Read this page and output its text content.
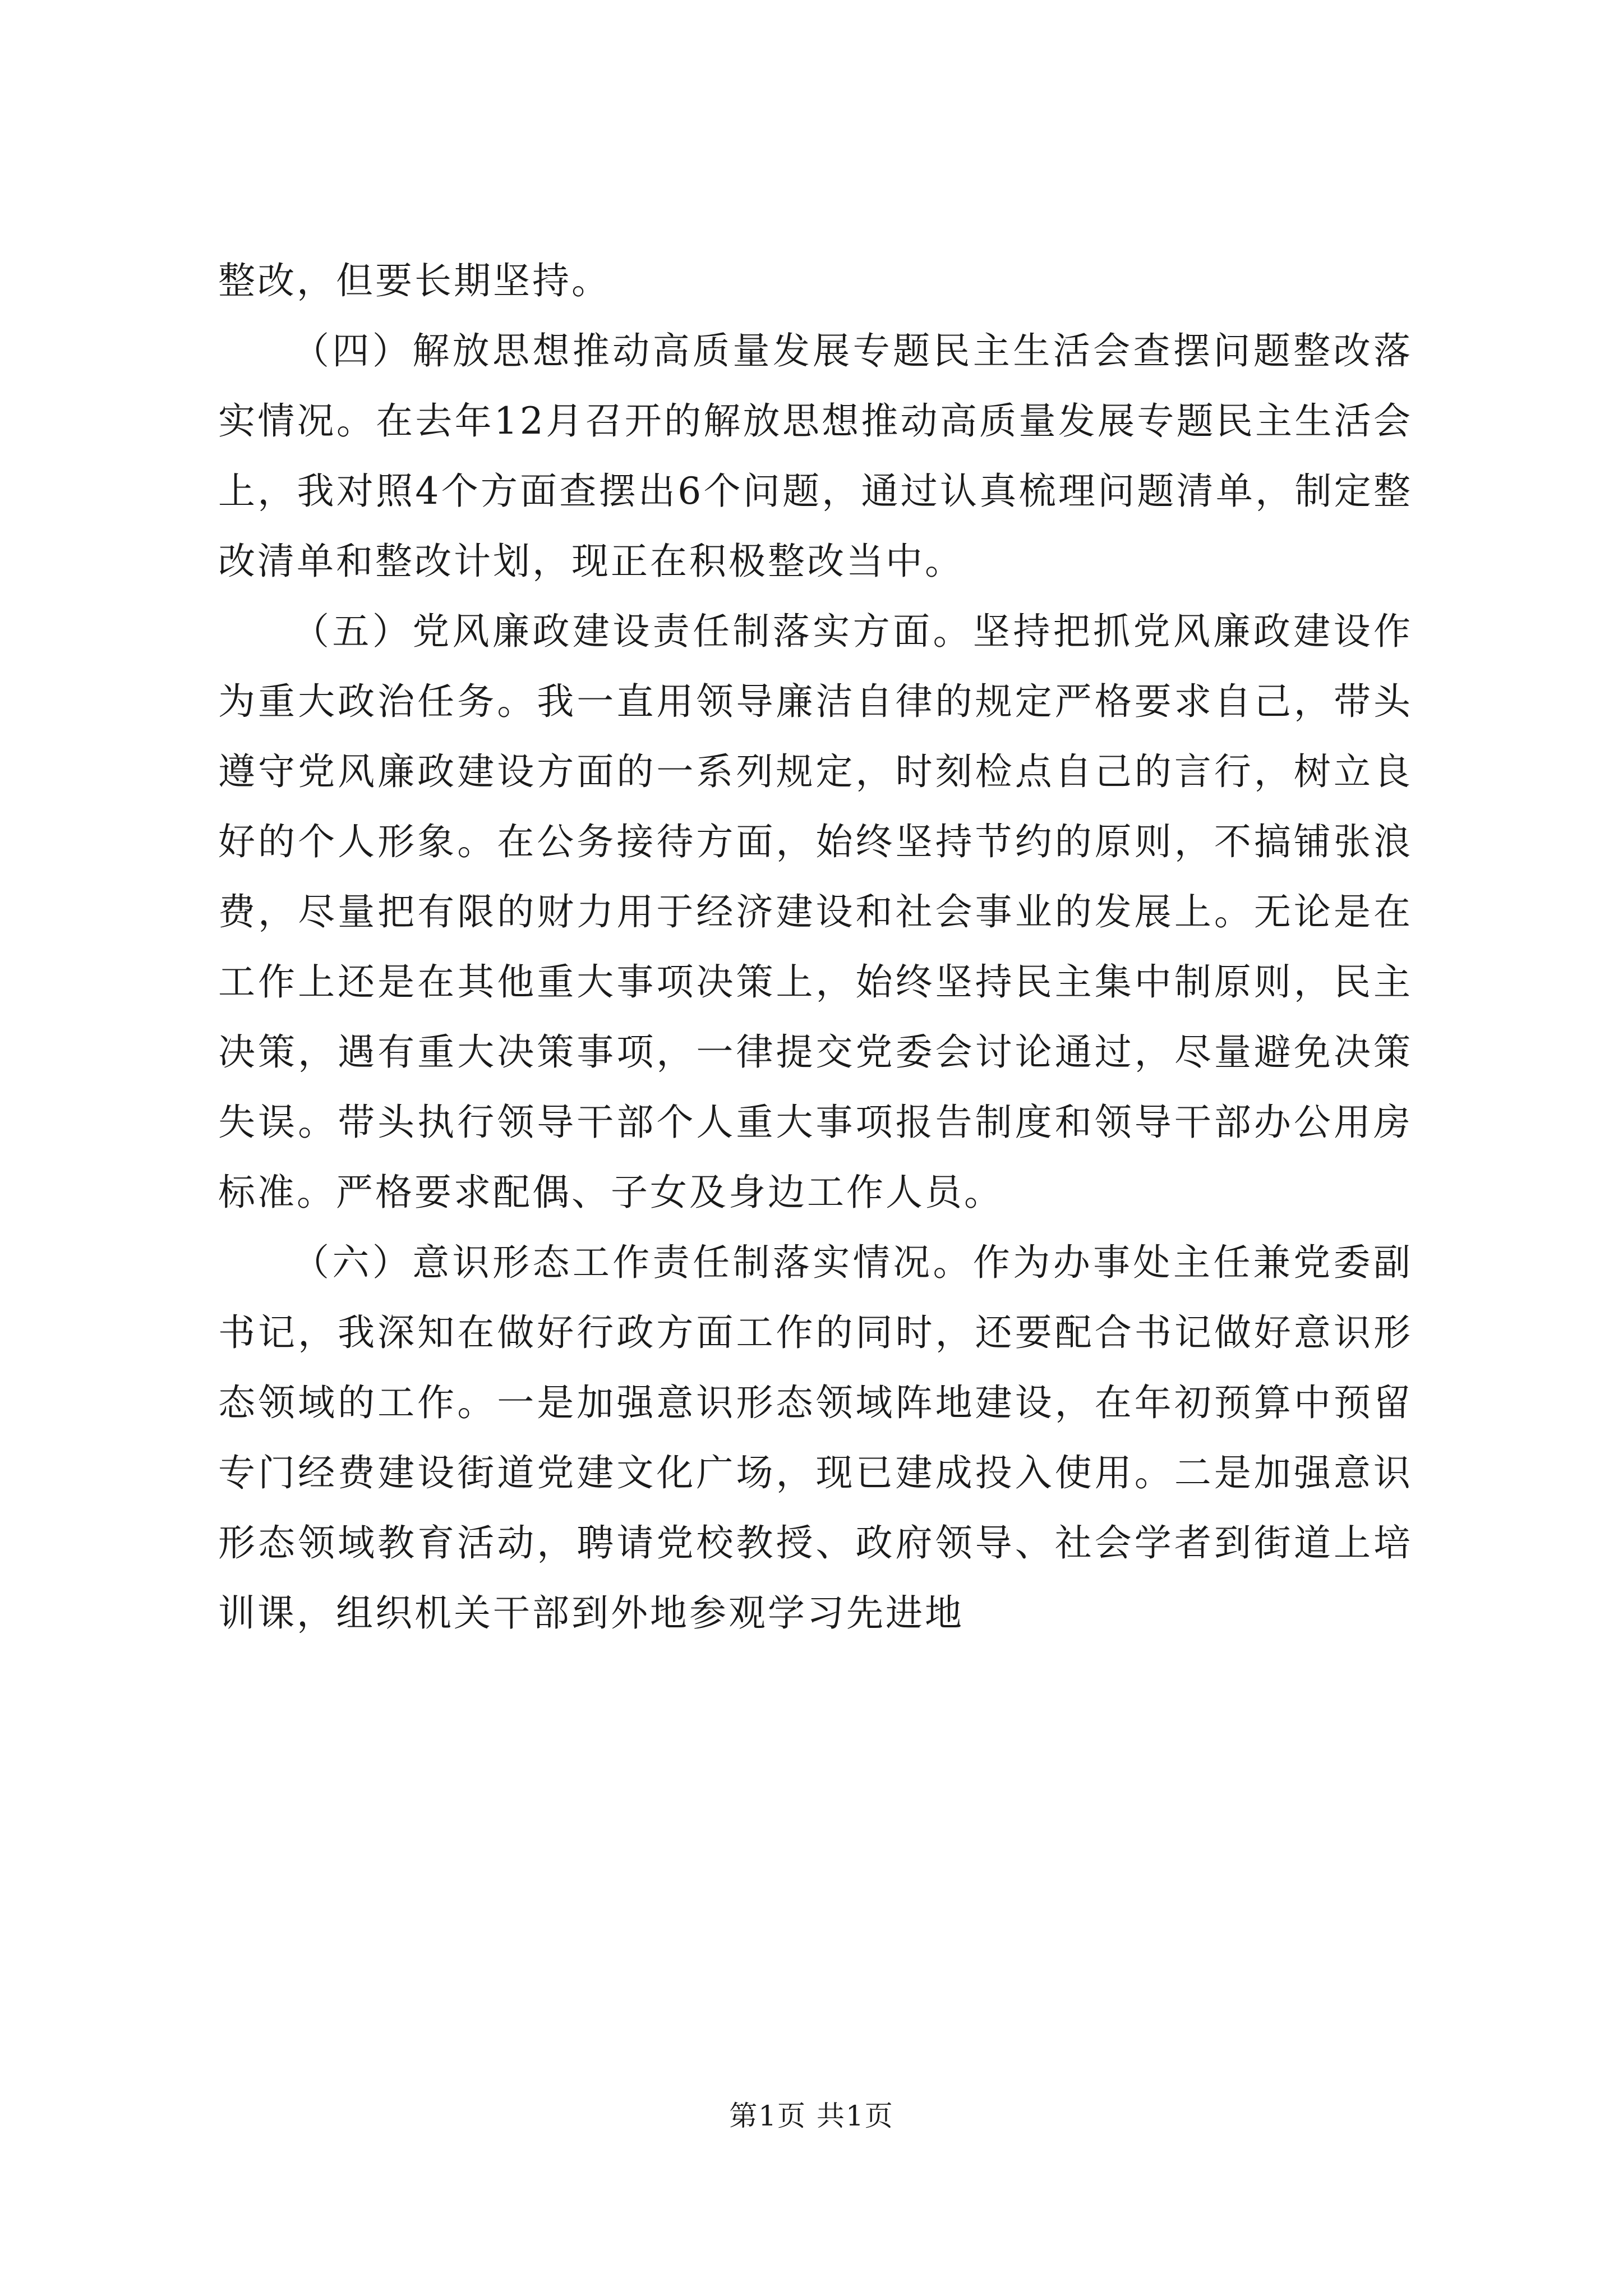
整改，但要长期坚持。

（四）解放思想推动高质量发展专题民主生活会查摆问题整改落实情况。在去年12月召开的解放思想推动高质量发展专题民主生活会上，我对照4个方面查摆出6个问题，通过认真梳理问题清单，制定整改清单和整改计划，现正在积极整改当中。

（五）党风廉政建设责任制落实方面。坚持把抓党风廉政建设作为重大政治任务。我一直用领导廉洁自律的规定严格要求自己，带头遵守党风廉政建设方面的一系列规定，时刻检点自己的言行，树立良好的个人形象。在公务接待方面，始终坚持节约的原则，不搞铺张浪费，尽量把有限的财力用于经济建设和社会事业的发展上。无论是在工作上还是在其他重大事项决策上，始终坚持民主集中制原则，民主决策，遇有重大决策事项，一律提交党委会讨论通过，尽量避免决策失误。带头执行领导干部个人重大事项报告制度和领导干部办公用房标准。严格要求配偶、子女及身边工作人员。

（六）意识形态工作责任制落实情况。作为办事处主任兼党委副书记，我深知在做好行政方面工作的同时，还要配合书记做好意识形态领域的工作。一是加强意识形态领域阵地建设，在年初预算中预留专门经费建设街道党建文化广场，现已建成投入使用。二是加强意识形态领域教育活动，聘请党校教授、政府领导、社会学者到街道上培训课，组织机关干部到外地参观学习先进地

第1页 共1页
